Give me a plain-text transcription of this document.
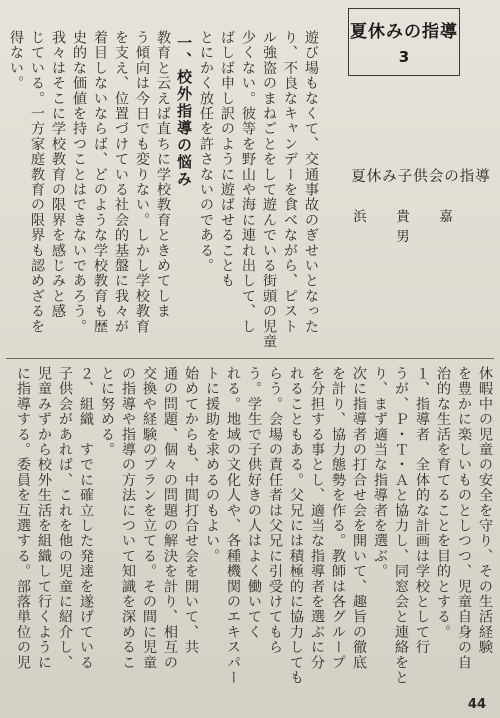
夏休みの指導
3
夏休み子供会の指導
浜　貴　嘉　男
遊び場もなくて、交通事故のぎせいとなった
り、不良なキャンデーを食べながら、ピスト
ル強盗のまねごとをして遊んでいる街頭の児童
少くない。彼等を野山や海に連れ出して、し
ばしば申し訳のように遊ばせることも
とにかく放任を許さないのである。
一、校外指導の悩み
教育と云えば直ちに学校教育ときめてしま
う傾向は今日でも変りない。しかし学校教育
を支え、位置づけている社会的基盤に我々が
着目しないならば、どのような学校教育も歴
史的な価値を持つことはできないであろう。
我々はそこに学校教育の限界を感じみと感
じている。一方家庭教育の限界も認めざるを
得ない。
休暇中の児童の安全を守り、その生活経験
を豊かに楽しいものとしつつ、児童自身の自
治的な生活を育てることを目的とする。
１、指導者　全体的な計画は学校として行
うが、Ｐ・Ｔ・Ａと協力し、同窓会と連絡をと
り、まず適当な指導者を選ぶ。
次に指導者の打合せ会を開いて、趣旨の徹底
を計り、協力態勢を作る。教師は各グループ
を分担する事とし、適当な指導者を選ぶに分
れることもある。父兄には積極的に協力しても
らう。会場の責任者は父兄に引受けてもら
う。学生で子供好きの人はよく働いてく
れる。地域の文化人や、各種機関のエキスパー
トに援助を求めるのもよい。
始めてからも、中間打合せ会を開いて、共
通の問題、個々の問題の解決を計り、相互の
交換や経験のプランを立てる。その間に児童
の指導や指導の方法について知識を深めるこ
とに努める。
２、組織　すでに確立した発達を遂げている
子供会があれば、これを他の児童に紹介し、
児童みずから校外生活を組織して行くように
に指導する。委員を互選する。部落単位の児
44
